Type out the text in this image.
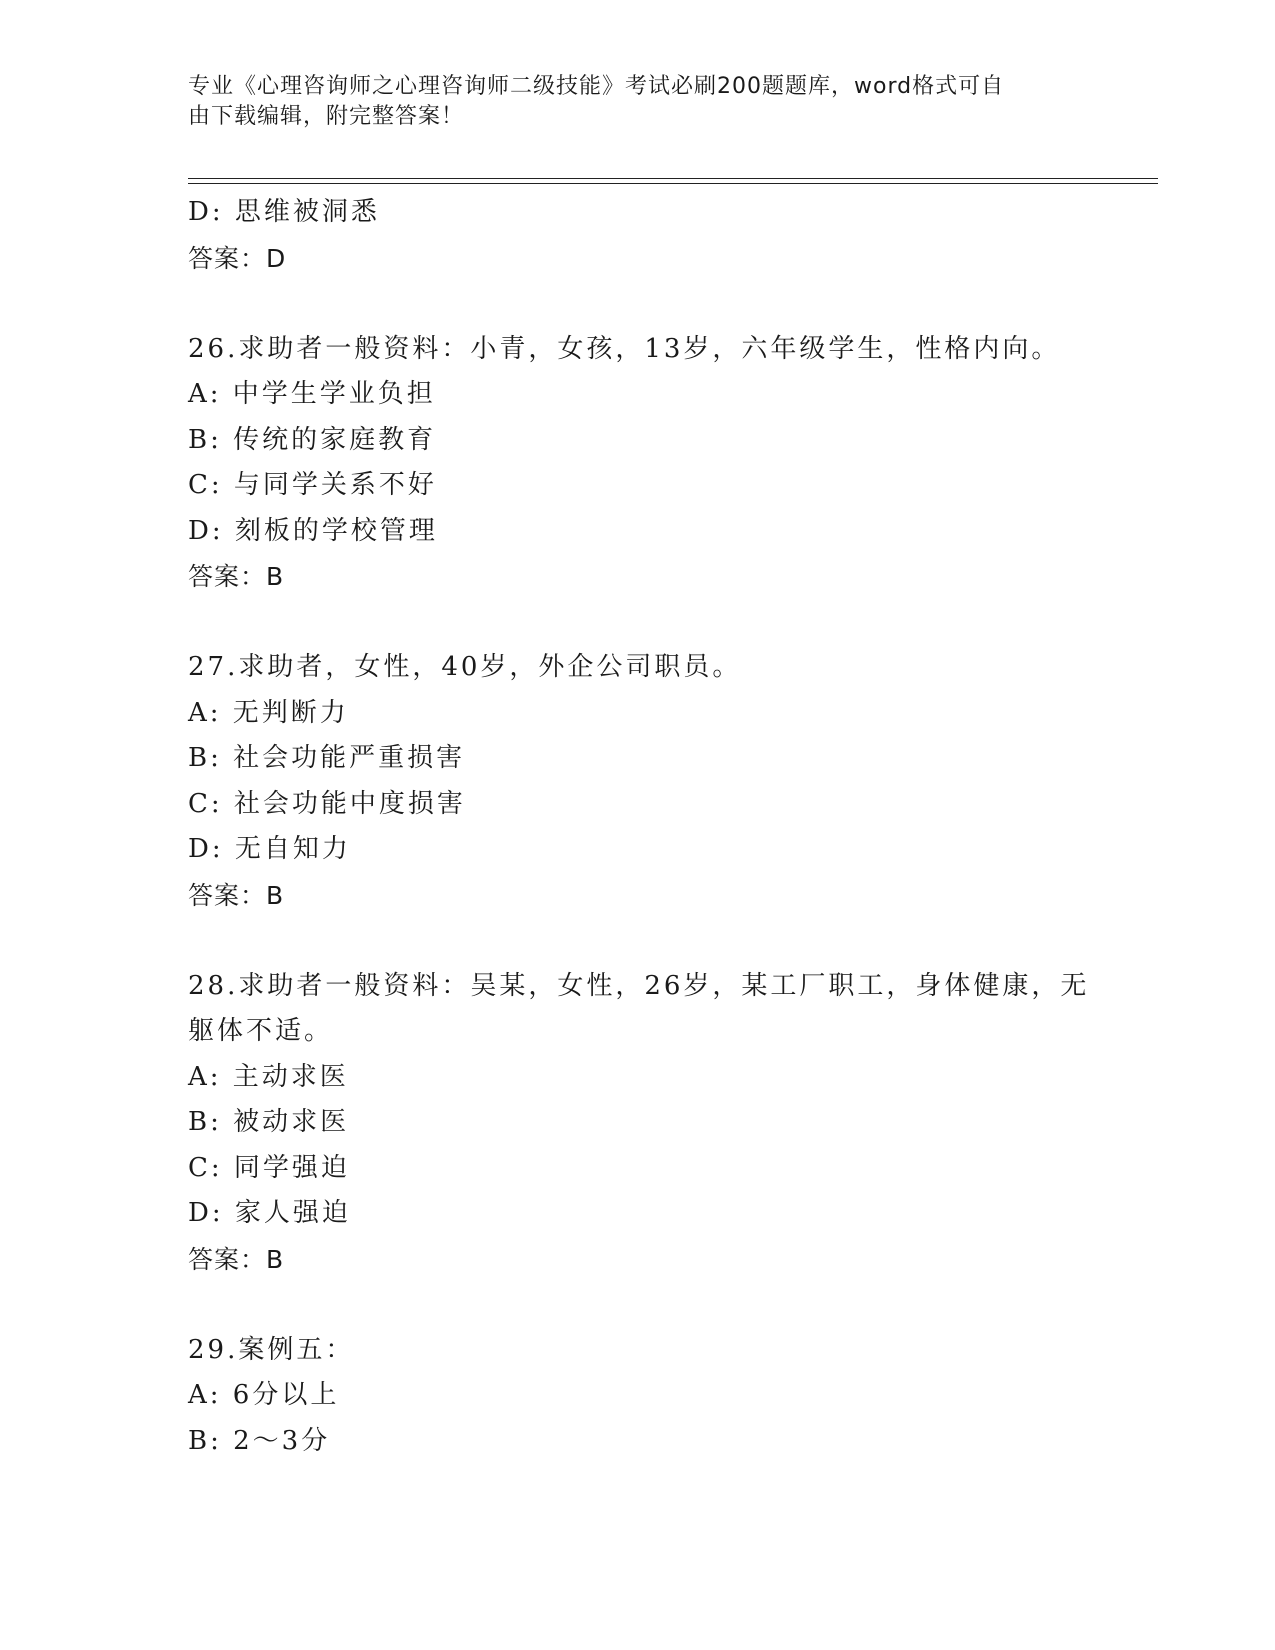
专业《心理咨询师之心理咨询师二级技能》考试必刷200题题库，word格式可自
由下载编辑，附完整答案！
D: 思维被洞悉
答案：D
26.求助者一般资料：小青，女孩，13岁，六年级学生，性格内向。
A: 中学生学业负担
B: 传统的家庭教育
C: 与同学关系不好
D: 刻板的学校管理
答案：B
27.求助者，女性，40岁，外企公司职员。
A: 无判断力
B: 社会功能严重损害
C: 社会功能中度损害
D: 无自知力
答案：B
28.求助者一般资料：吴某，女性，26岁，某工厂职工，身体健康，无
躯体不适。
A: 主动求医
B: 被动求医
C: 同学强迫
D: 家人强迫
答案：B
29.案例五：
A: 6分以上
B: 2～3分
